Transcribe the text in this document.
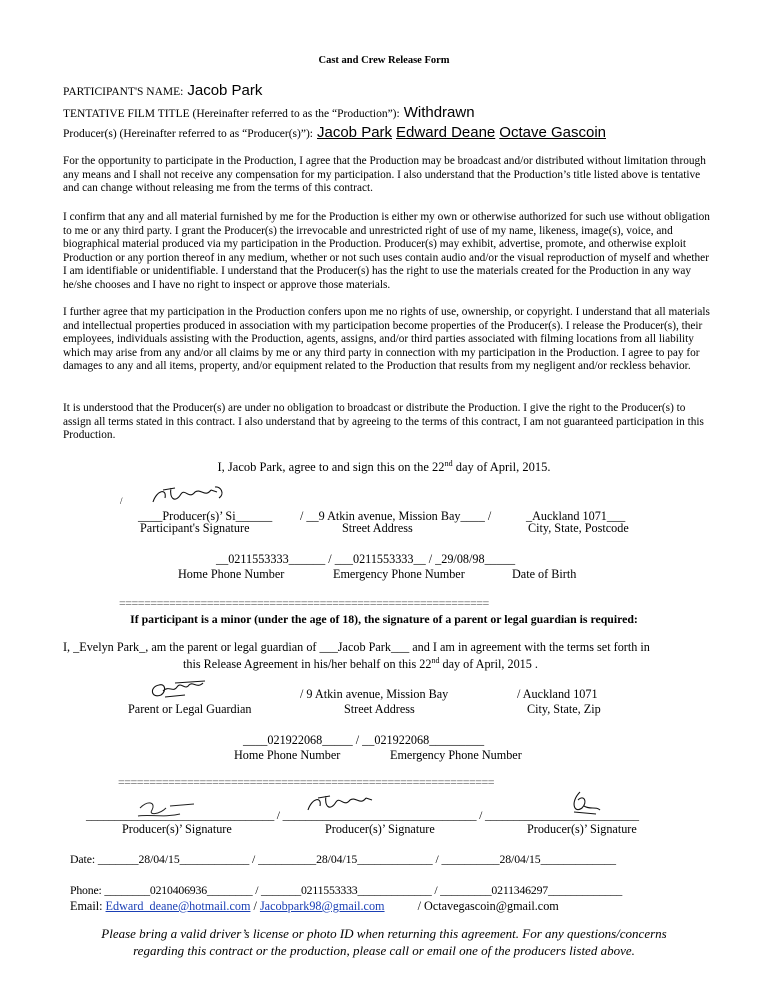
Cast and Crew Release Form
PARTICIPANT'S NAME: Jacob Park
TENTATIVE FILM TITLE (Hereinafter referred to as the “Production”): Withdrawn
Producer(s) (Hereinafter referred to as “Producer(s)”): Jacob Park Edward Deane Octave Gascoin
For the opportunity to participate in the Production, I agree that the Production may be broadcast and/or distributed without limitation through any means and I shall not receive any compensation for my participation. I also understand that the Production’s title listed above is tentative and can change without releasing me from the terms of this contract.
I confirm that any and all material furnished by me for the Production is either my own or otherwise authorized for such use without obligation to me or any third party. I grant the Producer(s) the irrevocable and unrestricted right of use of my name, likeness, image(s), voice, and biographical material produced via my participation in the Production. Producer(s) may exhibit, advertise, promote, and otherwise exploit Production or any portion thereof in any medium, whether or not such uses contain audio and/or the visual reproduction of myself and whether I am identifiable or unidentifiable. I understand that the Producer(s) has the right to use the materials created for the Production in any way he/she chooses and I have no right to inspect or approve those materials.
I further agree that my participation in the Production confers upon me no rights of use, ownership, or copyright. I understand that all materials and intellectual properties produced in association with my participation become properties of the Producer(s). I release the Producer(s), their employees, individuals assisting with the Production, agents, assigns, and/or third parties associated with filming locations from all liability which may arise from any and/or all claims by me or any third party in connection with my participation in the Production. I agree to pay for damages to any and all items, property, and/or equipment related to the Production that results from my negligent and/or reckless behavior.
It is understood that the Producer(s) are under no obligation to broadcast or distribute the Production. I give the right to the Producer(s) to assign all terms stated in this contract. I also understand that by agreeing to the terms of this contract, I am not guaranteed participation in this Production.
I, Jacob Park, agree to and sign this on the 22nd day of April, 2015.
/
____Producer(s)’ Si______ / __9 Atkin avenue, Mission Bay____ /	_Auckland 1071___
Participant's Signature	Street Address	City, State, Postcode
__0211553333______ / ___0211553333__ / _29/08/98_____
Home Phone Number	Emergency Phone Number	Date of Birth
===========================================================
If participant is a minor (under the age of 18), the signature of a parent or legal guardian is required:
I, _Evelyn Park_, am the parent or legal guardian of ___Jacob Park___ and I am in agreement with the terms set forth in
this Release Agreement in his/her behalf on this 22nd day of April, 2015 .
/ 9 Atkin avenue, Mission Bay	/ Auckland 1071
Parent or Legal Guardian	Street Address	City, State, Zip
____021922068_____ / __021922068_________
Home Phone Number	Emergency Phone Number
============================================================
_________________________________ / __________________________________ / ___________________________
Producer(s)’ Signature	Producer(s)’ Signature	Producer(s)’ Signature
Date: _______28/04/15____________ / __________28/04/15_____________ / __________28/04/15_____________
Phone: ________0210406936________ / _______0211553333_____________ / _________0211346297_____________
Email: Edward_deane@hotmail.com / Jacobpark98@gmail.com	/ Octavegascoin@gmail.com
Please bring a valid driver’s license or photo ID when returning this agreement. For any questions/concerns
regarding this contract or the production, please call or email one of the producers listed above.
